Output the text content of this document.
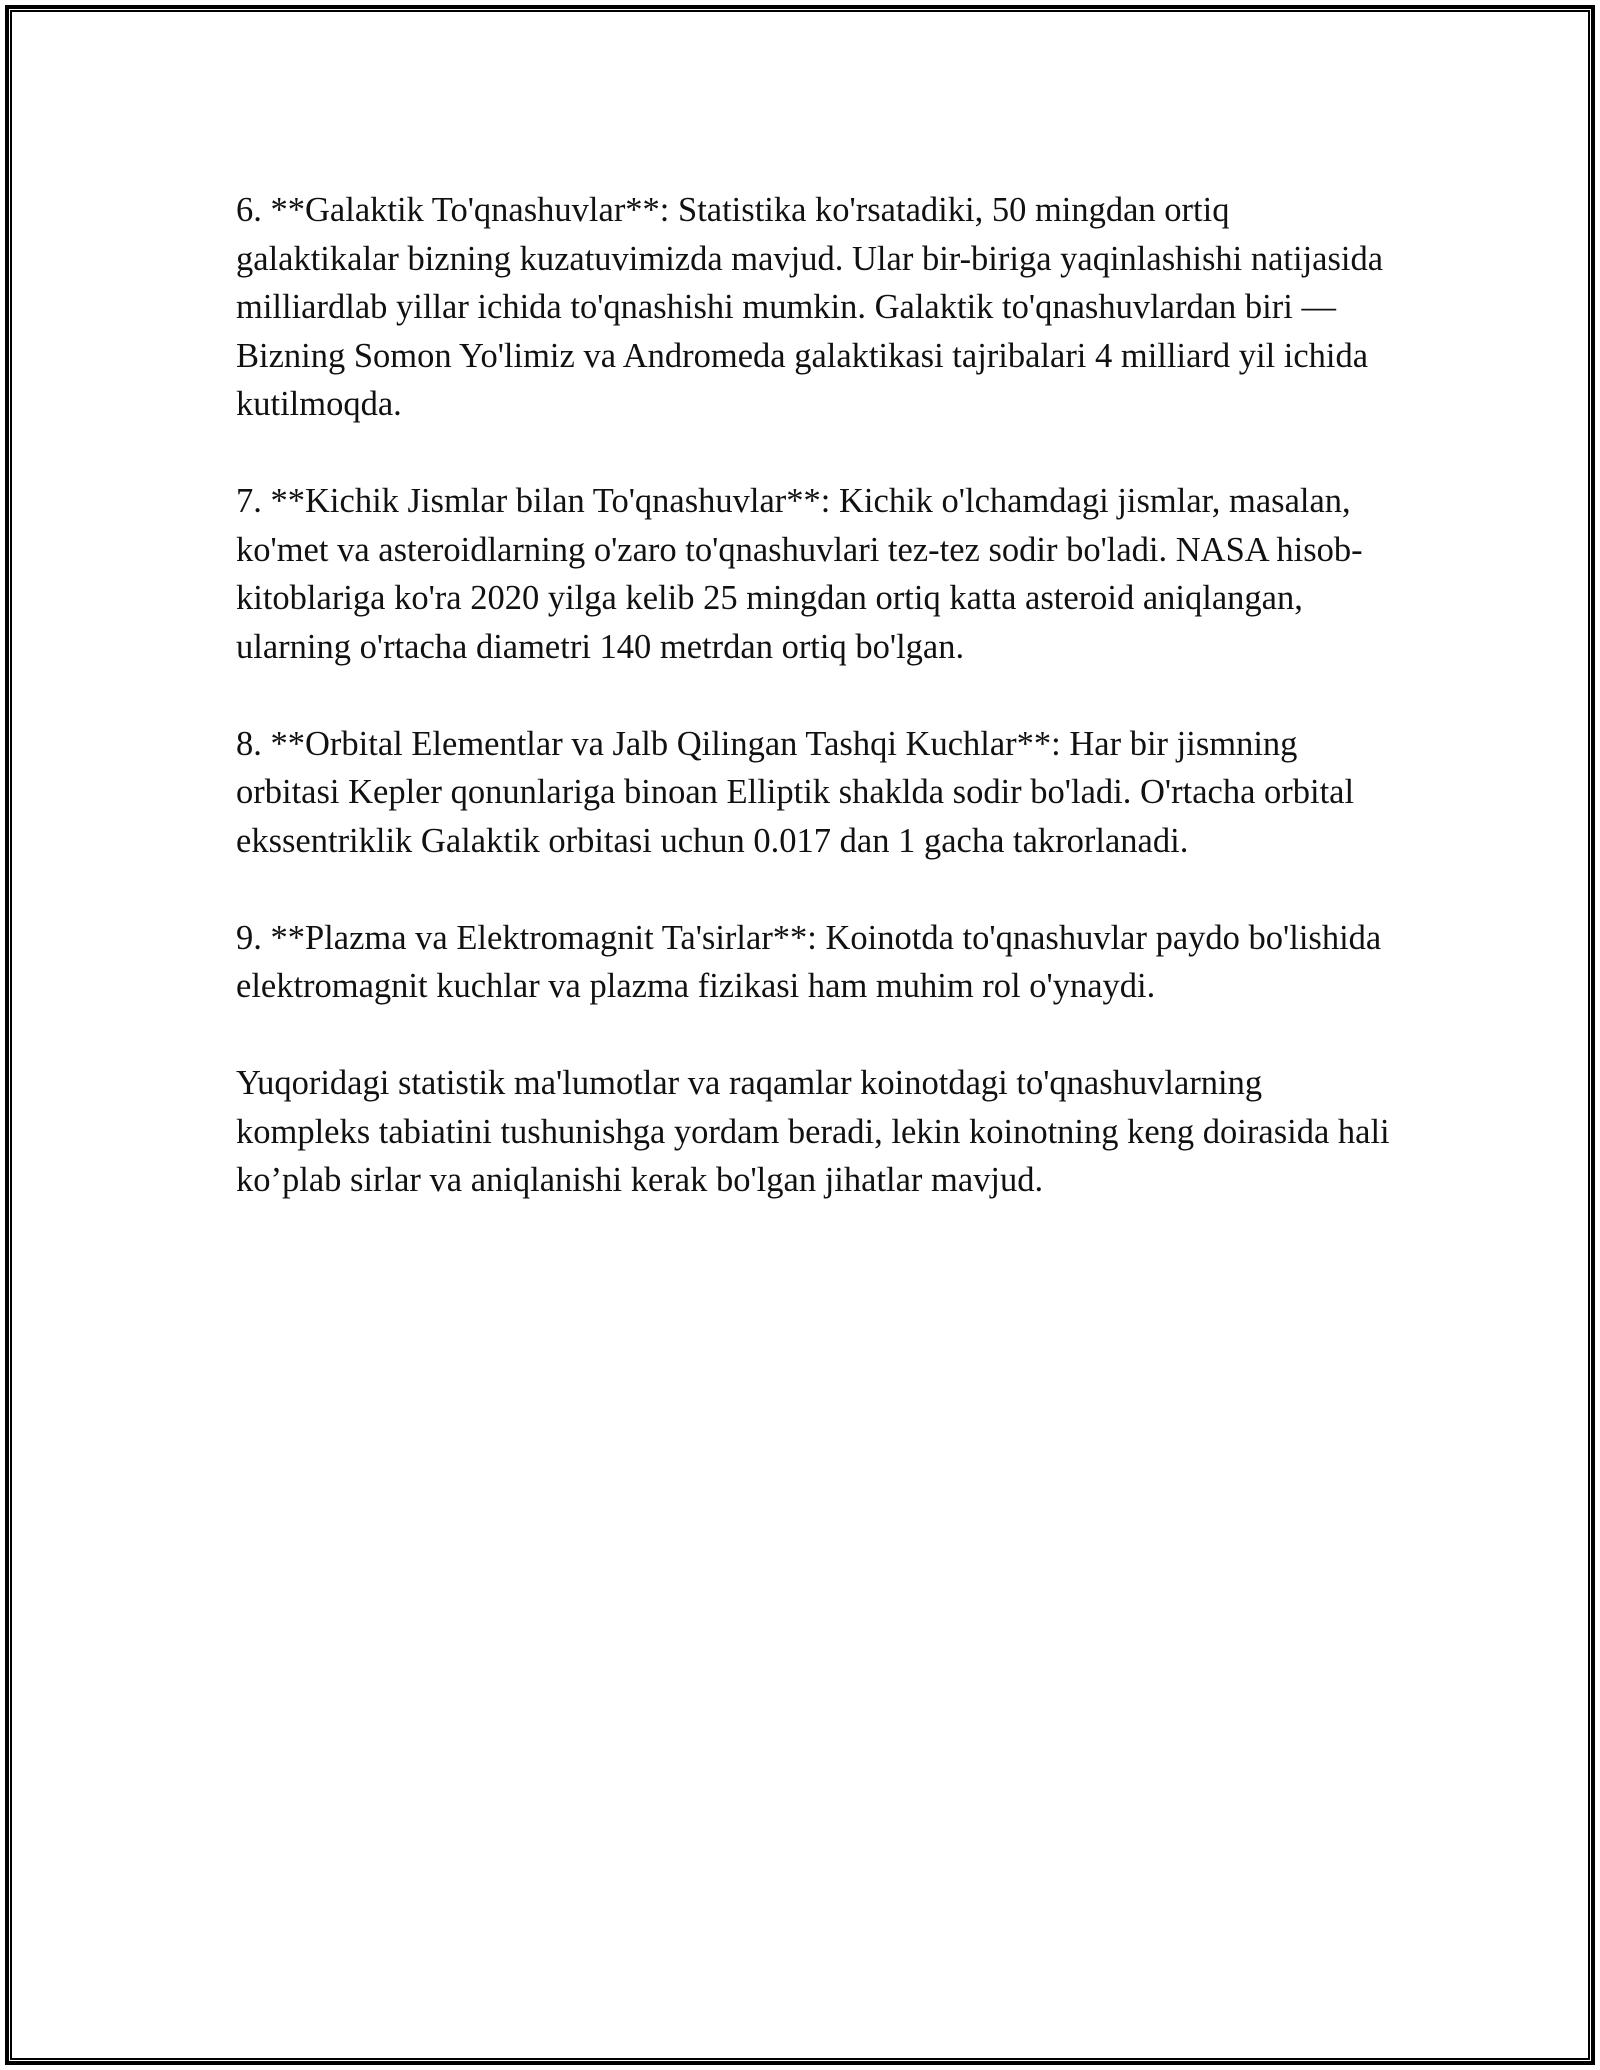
6. **Galaktik To'qnashuvlar**: Statistika ko'rsatadiki, 50 mingdan ortiq galaktikalar bizning kuzatuvimizda mavjud. Ular bir-biriga yaqinlashishi natijasida milliardlab yillar ichida to'qnashishi mumkin. Galaktik to'qnashuvlardan biri — Bizning Somon Yo'limiz va Andromeda galaktikasi tajribalari 4 milliard yil ichida kutilmoqda.

7. **Kichik Jismlar bilan To'qnashuvlar**: Kichik o'lchamdagi jismlar, masalan, ko'met va asteroidlarning o'zaro to'qnashuvlari tez-tez sodir bo'ladi. NASA hisob-kitoblariga ko'ra 2020 yilga kelib 25 mingdan ortiq katta asteroid aniqlangan, ularning o'rtacha diametri 140 metrdan ortiq bo'lgan.

8. **Orbital Elementlar va Jalb Qilingan Tashqi Kuchlar**: Har bir jismning orbitasi Kepler qonunlariga binoan Elliptik shaklda sodir bo'ladi. O'rtacha orbital ekssentriklik Galaktik orbitasi uchun 0.017 dan 1 gacha takrorlanadi.

9. **Plazma va Elektromagnit Ta'sirlar**: Koinotda to'qnashuvlar paydo bo'lishida elektromagnit kuchlar va plazma fizikasi ham muhim rol o'ynaydi.

Yuqoridagi statistik ma'lumotlar va raqamlar koinotdagi to'qnashuvlarning kompleks tabiatini tushunishga yordam beradi, lekin koinotning keng doirasida hali ko’plab sirlar va aniqlanishi kerak bo'lgan jihatlar mavjud.
